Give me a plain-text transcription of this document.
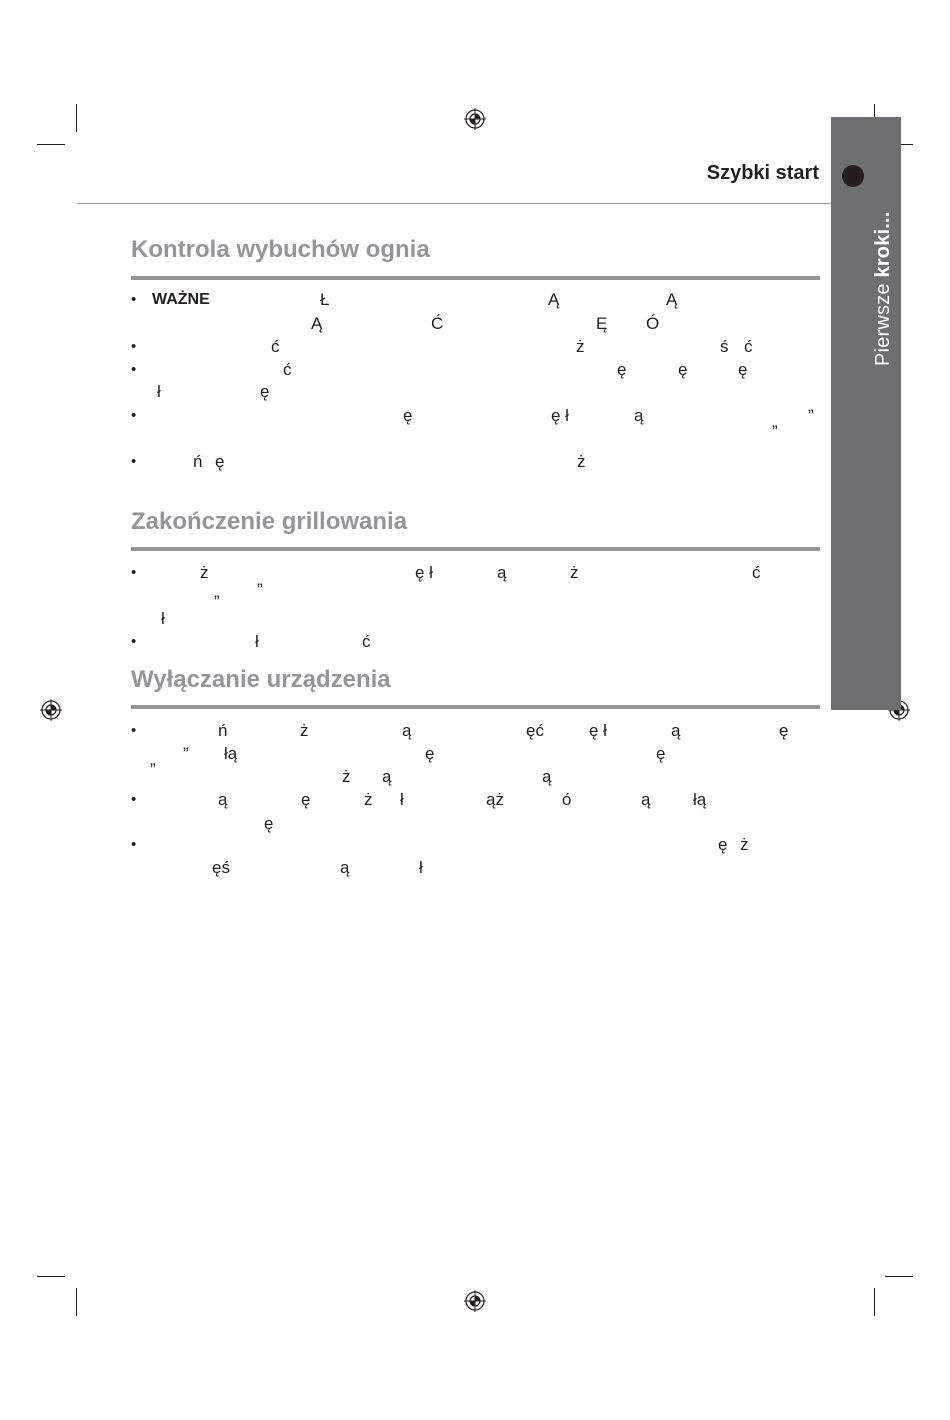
Pierwsze kroki...
Szybki start
Kontrola wybuchów ognia
• WAŻNE	Ł	Ą	Ą
Ą	Ć	Ę Ó
•	ć	ż	ś ć
•	ć	ę	ę	ę
ł	ę
•	ę	ę ł	ą	„ ”
•	ń ę	ż
Zakończenie grillowania
•	ż	ę ł	ą	ż	ć
”
”
ł
•	ł	ć
Wyłączanie urządzenia
•	ń	ż	ą	ęć	ę ł	ą	ę
„ ” łą	ę	ę
ż ą	ą
•	ą	ę	ż ł	ąż	ó	ą	łą
ę
•	ę ż
ęś	ą	ł
